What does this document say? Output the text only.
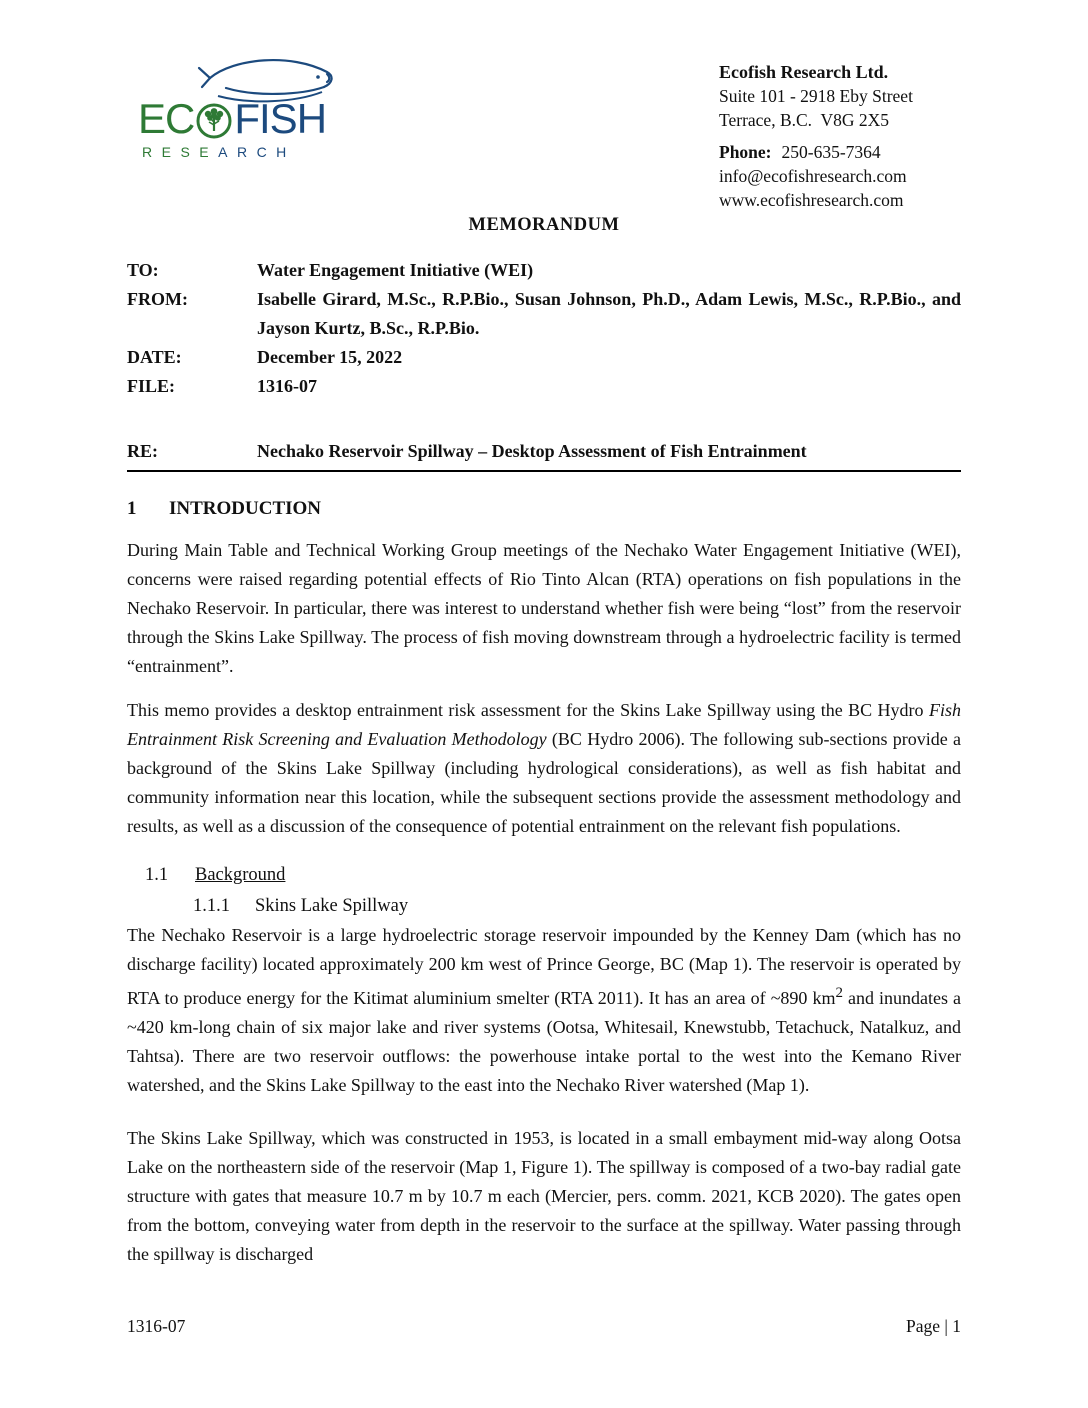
EC FISH
RESEARCH
Ecofish Research Ltd.
Suite 101 - 2918 Eby Street
Terrace, B.C.  V8G 2X5
Phone: 250-635-7364
info@ecofishresearch.com
www.ecofishresearch.com
MEMORANDUM
TO:	Water Engagement Initiative (WEI)
FROM:	Isabelle Girard, M.Sc., R.P.Bio., Susan Johnson, Ph.D., Adam Lewis, M.Sc., R.P.Bio., and Jayson Kurtz, B.Sc., R.P.Bio.
DATE:	December 15, 2022
FILE:	1316-07
RE:	Nechako Reservoir Spillway – Desktop Assessment of Fish Entrainment
1	INTRODUCTION

During Main Table and Technical Working Group meetings of the Nechako Water Engagement Initiative (WEI), concerns were raised regarding potential effects of Rio Tinto Alcan (RTA) operations on fish populations in the Nechako Reservoir. In particular, there was interest to understand whether fish were being “lost” from the reservoir through the Skins Lake Spillway. The process of fish moving downstream through a hydroelectric facility is termed “entrainment”.

This memo provides a desktop entrainment risk assessment for the Skins Lake Spillway using the BC Hydro Fish Entrainment Risk Screening and Evaluation Methodology (BC Hydro 2006). The following sub-sections provide a background of the Skins Lake Spillway (including hydrological considerations), as well as fish habitat and community information near this location, while the subsequent sections provide the assessment methodology and results, as well as a discussion of the consequence of potential entrainment on the relevant fish populations.

1.1	Background
1.1.1	Skins Lake Spillway

The Nechako Reservoir is a large hydroelectric storage reservoir impounded by the Kenney Dam (which has no discharge facility) located approximately 200 km west of Prince George, BC (Map 1). The reservoir is operated by RTA to produce energy for the Kitimat aluminium smelter (RTA 2011). It has an area of ~890 $km^2$ and inundates a ~420 km-long chain of six major lake and river systems (Ootsa, Whitesail, Knewstubb, Tetachuck, Natalkuz, and Tahtsa). There are two reservoir outflows: the powerhouse intake portal to the west into the Kemano River watershed, and the Skins Lake Spillway to the east into the Nechako River watershed (Map 1).

The Skins Lake Spillway, which was constructed in 1953, is located in a small embayment mid-way along Ootsa Lake on the northeastern side of the reservoir (Map 1, Figure 1). The spillway is composed of a two-bay radial gate structure with gates that measure 10.7 m by 10.7 m each (Mercier, pers. comm. 2021, KCB 2020). The gates open from the bottom, conveying water from depth in the reservoir to the surface at the spillway. Water passing through the spillway is discharged

1316-07	Page | 1
